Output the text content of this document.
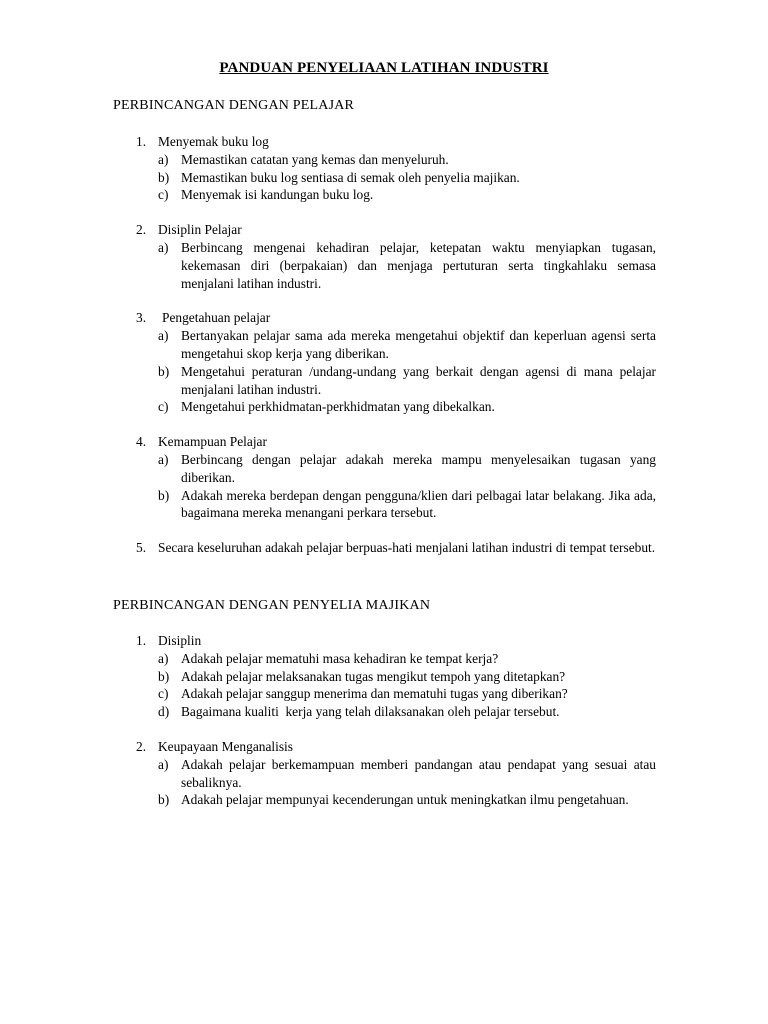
PANDUAN PENYELIAAN LATIHAN INDUSTRI
PERBINCANGAN DENGAN PELAJAR
1. Menyemak buku log
a) Memastikan catatan yang kemas dan menyeluruh.
b) Memastikan buku log sentiasa di semak oleh penyelia majikan.
c) Menyemak isi kandungan buku log.
2. Disiplin Pelajar
a) Berbincang mengenai kehadiran pelajar, ketepatan waktu menyiapkan tugasan, kekemasan diri (berpakaian) dan menjaga pertuturan serta tingkahlaku semasa menjalani latihan industri.
3.	Pengetahuan pelajar
a) Bertanyakan pelajar sama ada mereka mengetahui objektif dan keperluan agensi serta mengetahui skop kerja yang diberikan.
b) Mengetahui peraturan /undang-undang yang berkait dengan agensi di mana pelajar menjalani latihan industri.
c) Mengetahui perkhidmatan-perkhidmatan yang dibekalkan.
4. Kemampuan Pelajar
a) Berbincang dengan pelajar adakah mereka mampu menyelesaikan tugasan yang diberikan.
b) Adakah mereka berdepan dengan pengguna/klien dari pelbagai latar belakang. Jika ada, bagaimana mereka menangani perkara tersebut.
5. Secara keseluruhan adakah pelajar berpuas-hati menjalani latihan industri di tempat tersebut.
PERBINCANGAN DENGAN PENYELIA MAJIKAN
1. Disiplin
a) Adakah pelajar mematuhi masa kehadiran ke tempat kerja?
b) Adakah pelajar melaksanakan tugas mengikut tempoh yang ditetapkan?
c) Adakah pelajar sanggup menerima dan mematuhi tugas yang diberikan?
d) Bagaimana kualiti  kerja yang telah dilaksanakan oleh pelajar tersebut.
2. Keupayaan Menganalisis
a) Adakah pelajar berkemampuan memberi pandangan atau pendapat yang sesuai atau sebaliknya.
b) Adakah pelajar mempunyai kecenderungan untuk meningkatkan ilmu pengetahuan.
